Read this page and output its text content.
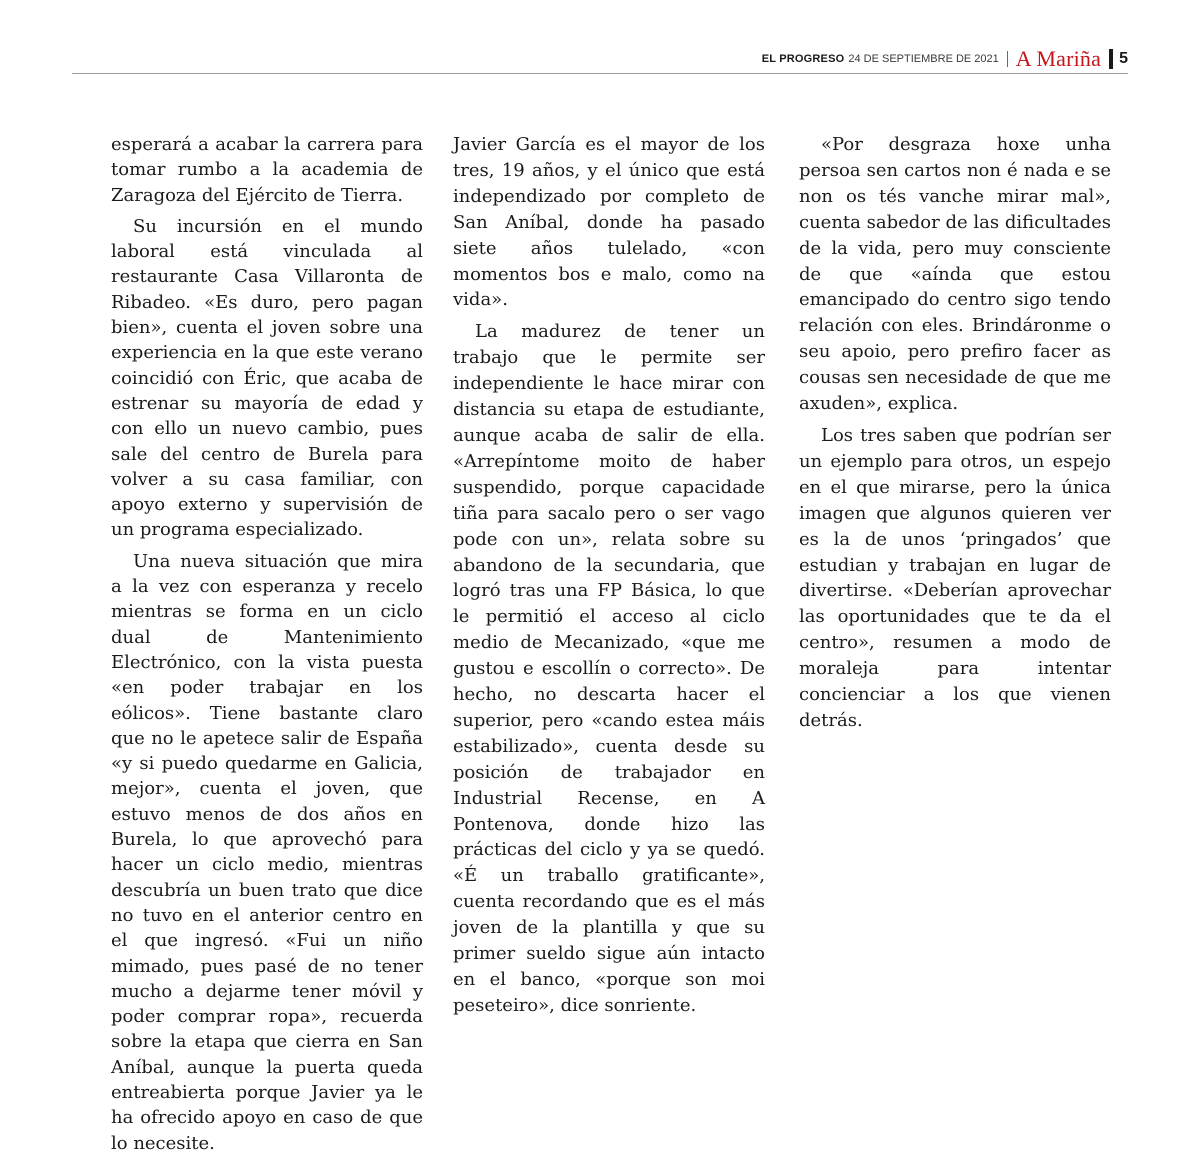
EL PROGRESO 24 DE SEPTIEMBRE DE 2021 A Mariña 5

esperará a acabar la carrera para tomar rumbo a la academia de Zaragoza del Ejército de Tierra.

Su incursión en el mundo laboral está vinculada al restaurante Casa Villaronta de Ribadeo. «Es duro, pero pagan bien», cuenta el joven sobre una experiencia en la que este verano coincidió con Éric, que acaba de estrenar su mayoría de edad y con ello un nuevo cambio, pues sale del centro de Burela para volver a su casa familiar, con apoyo externo y supervisión de un programa especializado.

Una nueva situación que mira a la vez con esperanza y recelo mientras se forma en un ciclo dual de Mantenimiento Electrónico, con la vista puesta «en poder trabajar en los eólicos». Tiene bastante claro que no le apetece salir de España «y si puedo quedarme en Galicia, mejor», cuenta el joven, que estuvo menos de dos años en Burela, lo que aprovechó para hacer un ciclo medio, mientras descubría un buen trato que dice no tuvo en el anterior centro en el que ingresó. «Fui un niño mimado, pues pasé de no tener mucho a dejarme tener móvil y poder comprar ropa», recuerda sobre la etapa que cierra en San Aníbal, aunque la puerta queda entreabierta porque Javier ya le ha ofrecido apoyo en caso de que lo necesite.

Javier García es el mayor de los tres, 19 años, y el único que está independizado por completo de San Aníbal, donde ha pasado siete años tulelado, «con momentos bos e malo, como na vida».

La madurez de tener un trabajo que le permite ser independiente le hace mirar con distancia su etapa de estudiante, aunque acaba de salir de ella. «Arrepíntome moito de haber suspendido, porque capacidade tiña para sacalo pero o ser vago pode con un», relata sobre su abandono de la secundaria, que logró tras una FP Básica, lo que le permitió el acceso al ciclo medio de Mecanizado, «que me gustou e escollín o correcto». De hecho, no descarta hacer el superior, pero «cando estea máis estabilizado», cuenta desde su posición de trabajador en Industrial Recense, en A Pontenova, donde hizo las prácticas del ciclo y ya se quedó. «É un traballo gratificante», cuenta recordando que es el más joven de la plantilla y que su primer sueldo sigue aún intacto en el banco, «porque son moi peseteiro», dice sonriente.

«Por desgraza hoxe unha persoa sen cartos non é nada e se non os tés vanche mirar mal», cuenta sabedor de las dificultades de la vida, pero muy consciente de que «aínda que estou emancipado do centro sigo tendo relación con eles. Brindáronme o seu apoio, pero prefiro facer as cousas sen necesidade de que me axuden», explica.

Los tres saben que podrían ser un ejemplo para otros, un espejo en el que mirarse, pero la única imagen que algunos quieren ver es la de unos ‘pringados’ que estudian y trabajan en lugar de divertirse. «Deberían aprovechar las oportunidades que te da el centro», resumen a modo de moraleja para intentar concienciar a los que vienen detrás.
